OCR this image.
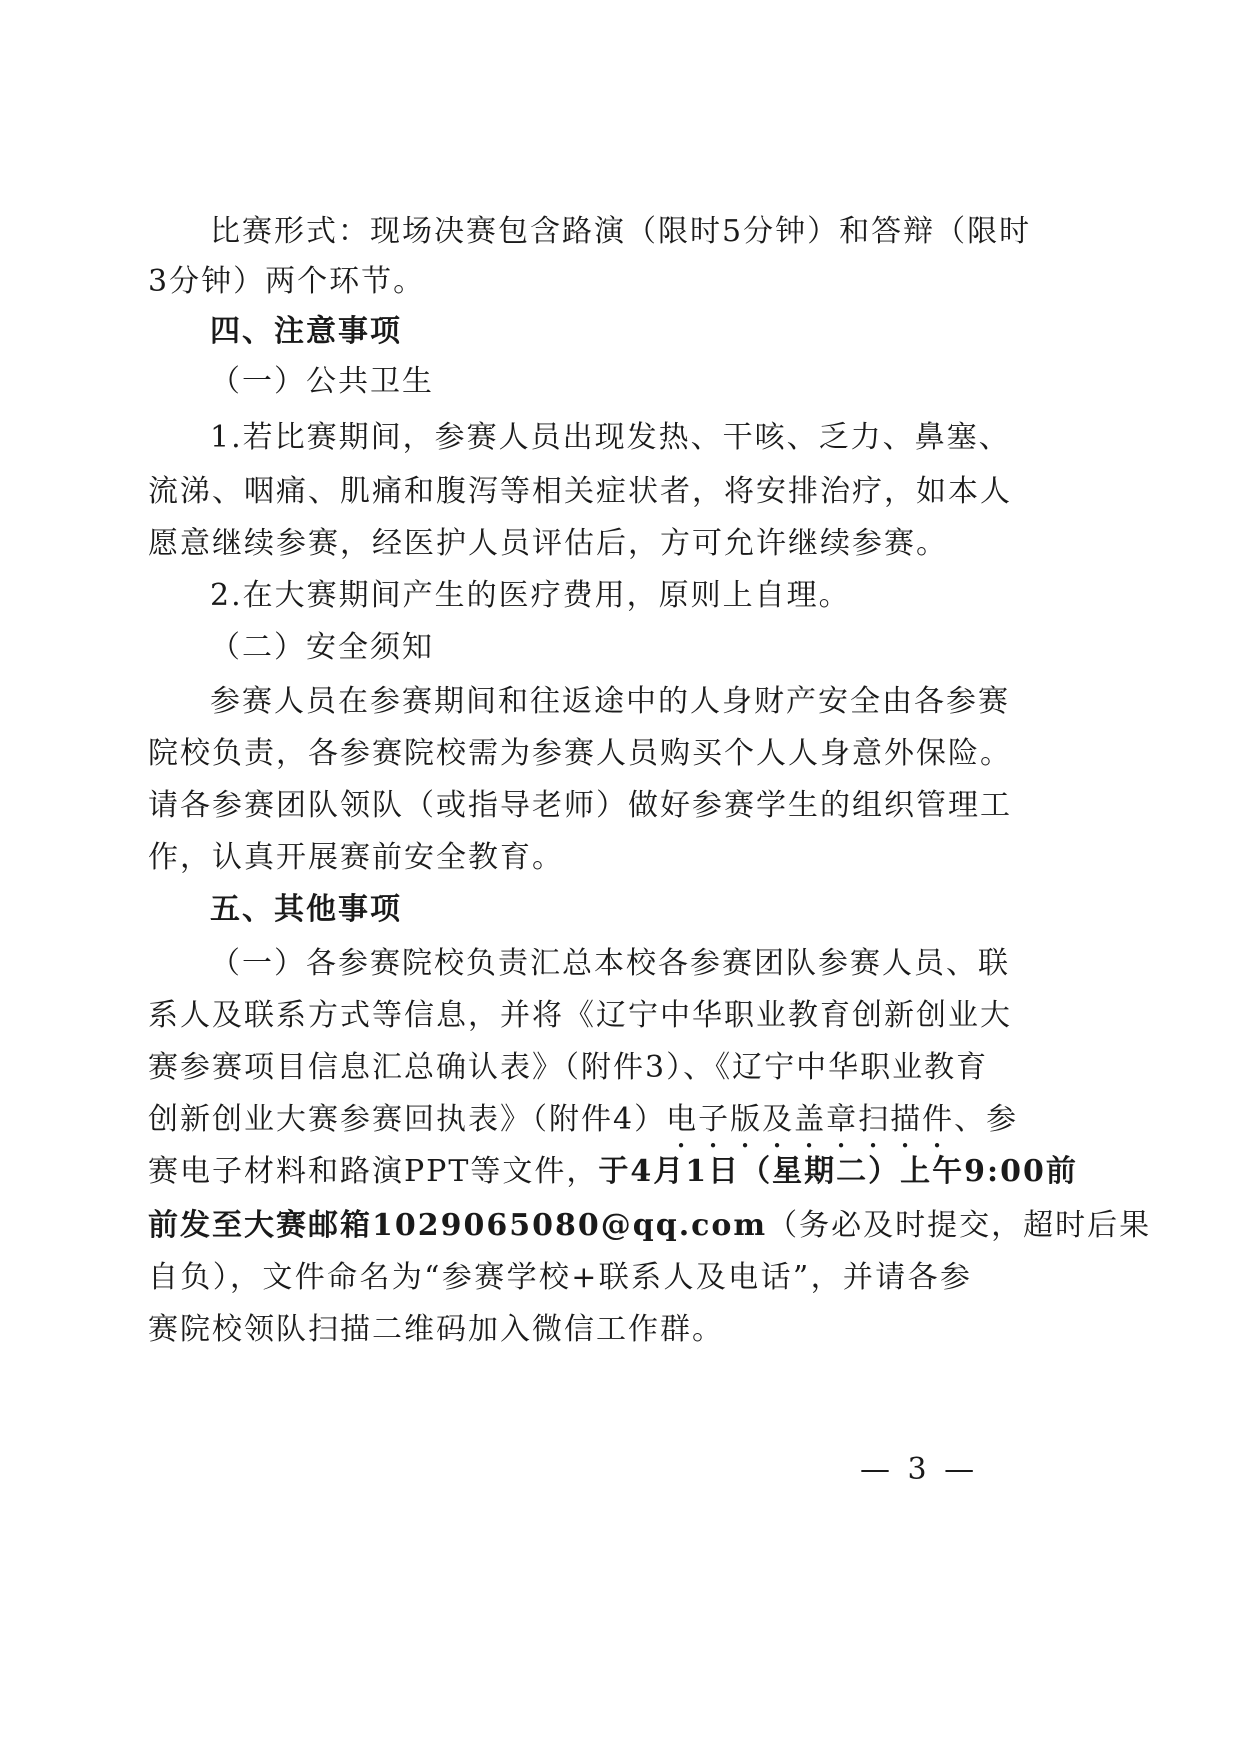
比赛形式：现场决赛包含路演（限时5分钟）和答辩（限时
3分钟）两个环节。
四、注意事项
（一）公共卫生
1.若比赛期间，参赛人员出现发热、干咳、乏力、鼻塞、
流涕、咽痛、肌痛和腹泻等相关症状者，将安排治疗，如本人
愿意继续参赛，经医护人员评估后，方可允许继续参赛。
2.在大赛期间产生的医疗费用，原则上自理。
（二）安全须知
参赛人员在参赛期间和往返途中的人身财产安全由各参赛
院校负责，各参赛院校需为参赛人员购买个人人身意外保险。
请各参赛团队领队（或指导老师）做好参赛学生的组织管理工
作，认真开展赛前安全教育。
五、其他事项
（一）各参赛院校负责汇总本校各参赛团队参赛人员、联
系人及联系方式等信息，并将《辽宁中华职业教育创新创业大
赛参赛项目信息汇总确认表》（附件3）、《辽宁中华职业教育
创新创业大赛参赛回执表》（附件4）电子版及盖章扫描件、参
赛电子材料和路演PPT等文件，于4月1日（星期二）上午9:00前
前发至大赛邮箱1029065080@qq.com（务必及时提交，超时后果
自负），文件命名为“参赛学校+联系人及电话”，并请各参
赛院校领队扫描二维码加入微信工作群。
— 3 —
